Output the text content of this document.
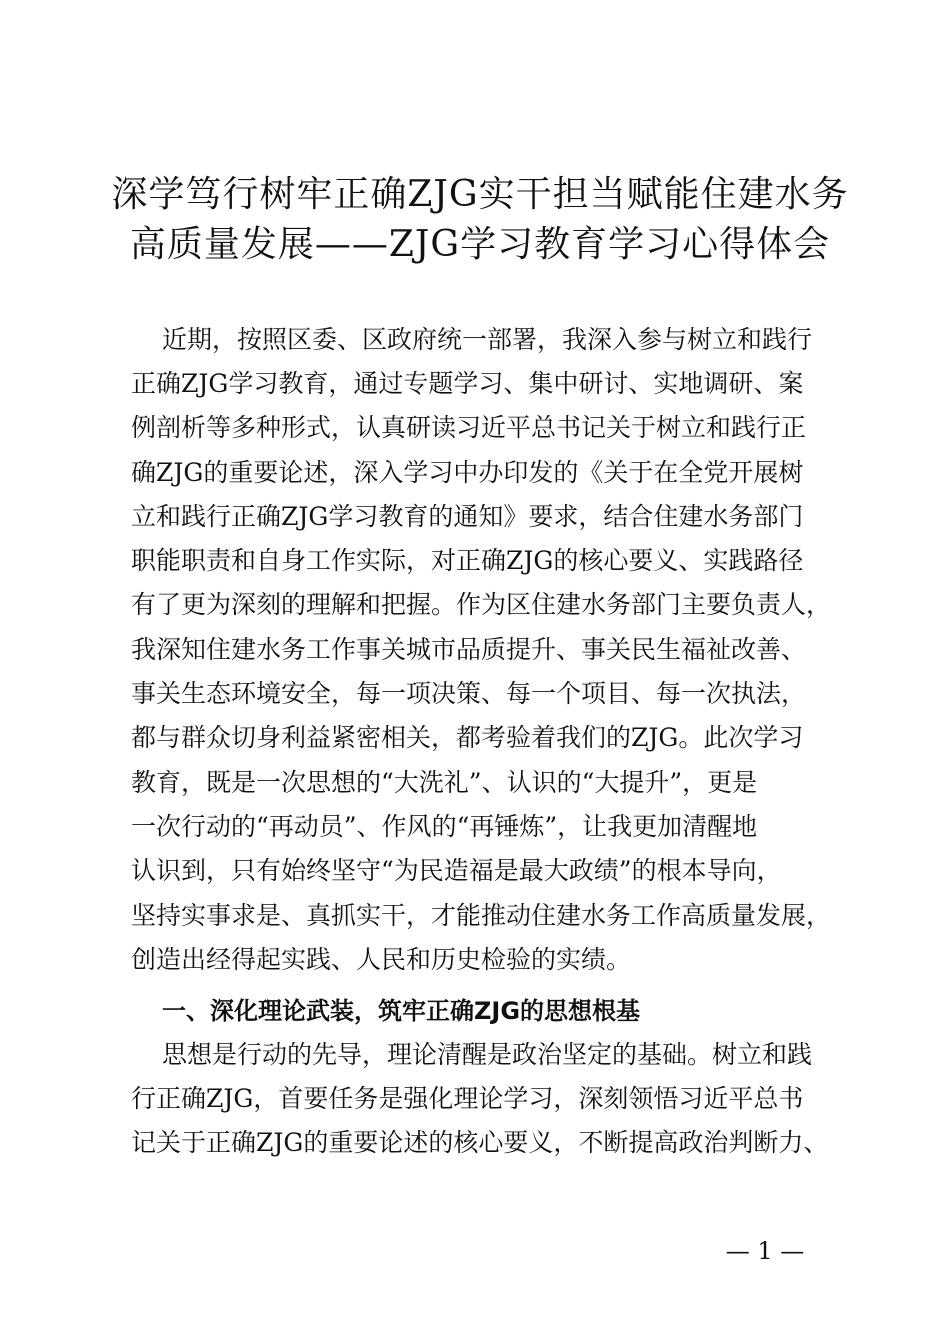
深学笃行树牢正确ZJG实干担当赋能住建水务
高质量发展——ZJG学习教育学习心得体会

近期，按照区委、区政府统一部署，我深入参与树立和践行

正确ZJG学习教育，通过专题学习、集中研讨、实地调研、案

例剖析等多种形式，认真研读习近平总书记关于树立和践行正

确ZJG的重要论述，深入学习中办印发的《关于在全党开展树

立和践行正确ZJG学习教育的通知》要求，结合住建水务部门

职能职责和自身工作实际，对正确ZJG的核心要义、实践路径

有了更为深刻的理解和把握。作为区住建水务部门主要负责人，

我深知住建水务工作事关城市品质提升、事关民生福祉改善、

事关生态环境安全，每一项决策、每一个项目、每一次执法，

都与群众切身利益紧密相关，都考验着我们的ZJG。此次学习

教育，既是一次思想的“大洗礼”、认识的“大提升”，更是

一次行动的“再动员”、作风的“再锤炼”，让我更加清醒地

认识到，只有始终坚守“为民造福是最大政绩”的根本导向，

坚持实事求是、真抓实干，才能推动住建水务工作高质量发展，

创造出经得起实践、人民和历史检验的实绩。

一、深化理论武装，筑牢正确ZJG的思想根基

思想是行动的先导，理论清醒是政治坚定的基础。树立和践

行正确ZJG，首要任务是强化理论学习，深刻领悟习近平总书

记关于正确ZJG的重要论述的核心要义，不断提高政治判断力、

— 1 —
